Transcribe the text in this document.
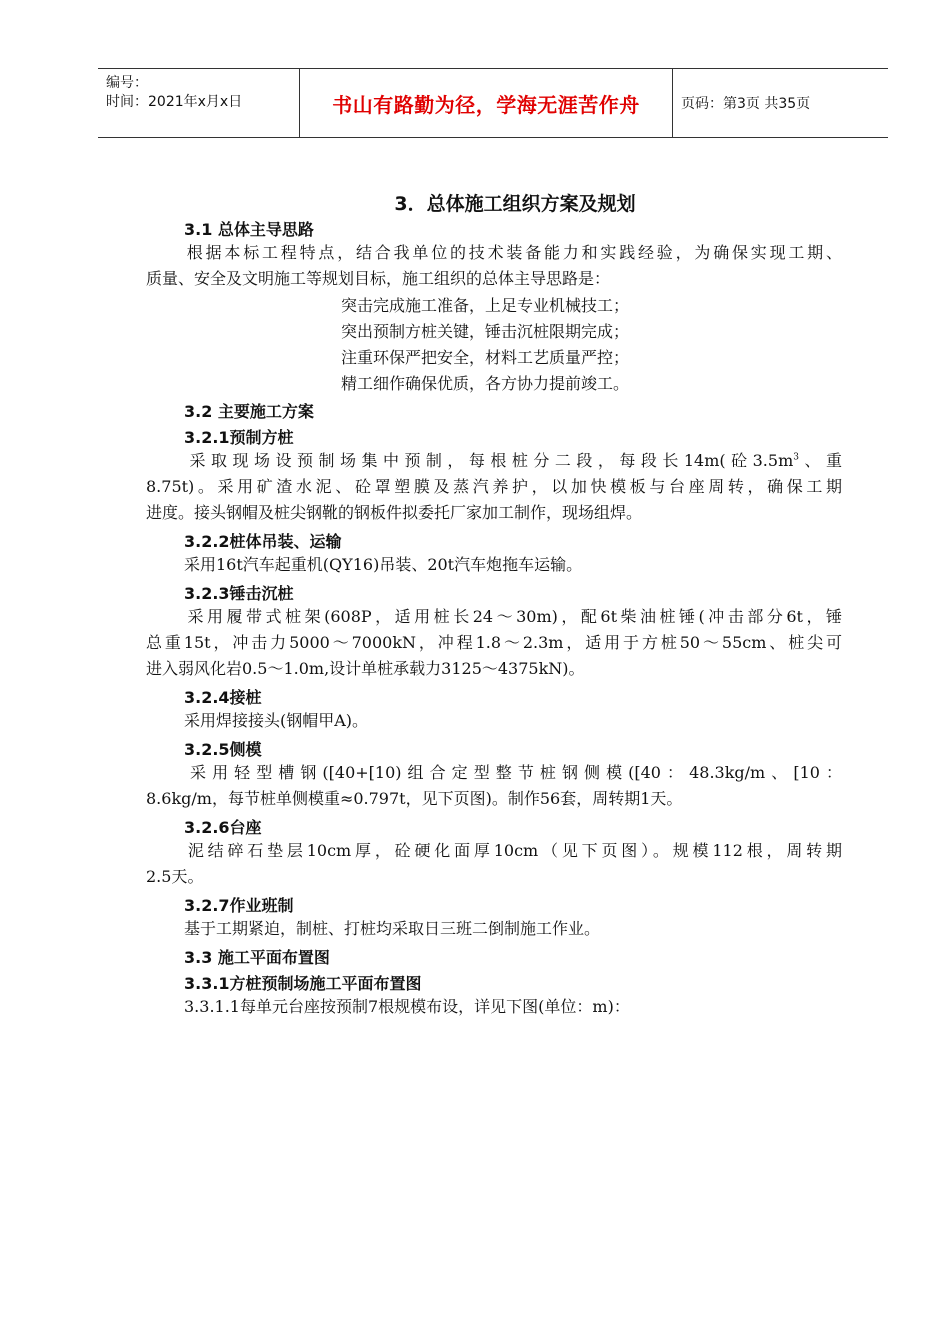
编号：
时间：2021年x月x日	书山有路勤为径，学海无涯苦作舟	页码：第3页 共35页
3．总体施工组织方案及规划
3.1 总体主导思路
根据本标工程特点，结合我单位的技术装备能力和实践经验，为确保实现工期、
质量、安全及文明施工等规划目标，施工组织的总体主导思路是：
突击完成施工准备，上足专业机械技工；
突出预制方桩关键，锤击沉桩限期完成；
注重环保严把安全，材料工艺质量严控；
精工细作确保优质，各方协力提前竣工。
3.2 主要施工方案
3.2.1预制方桩
采取现场设预制场集中预制，每根桩分二段，每段长14m(砼$3.5m^3$、重
8.75t)。采用矿渣水泥、砼罩塑膜及蒸汽养护，以加快模板与台座周转，确保工期
进度。接头钢帽及桩尖钢靴的钢板件拟委托厂家加工制作，现场组焊。
3.2.2桩体吊装、运输
采用16t汽车起重机(QY16)吊装、20t汽车炮拖车运输。
3.2.3锤击沉桩
采用履带式桩架(608P，适用桩长24～30m)，配6t柴油桩锤(冲击部分6t，锤
总重15t，冲击力5000～7000kN，冲程1.8～2.3m，适用于方桩50～55cm、桩尖可
进入弱风化岩0.5～1.0m,设计单桩承载力3125～4375kN)。
3.2.4接桩
采用焊接接头(钢帽甲A)。
3.2.5侧模
采用轻型槽钢([40+[10)组合定型整节桩钢侧模([40：48.3kg/m、[10：
8.6kg/m，每节桩单侧模重≈0.797t，见下页图)。制作56套，周转期1天。
3.2.6台座
泥结碎石垫层10cm厚，砼硬化面厚10cm（见下页图）。规模112根，周转期
2.5天。
3.2.7作业班制
基于工期紧迫，制桩、打桩均采取日三班二倒制施工作业。
3.3 施工平面布置图
3.3.1方桩预制场施工平面布置图
3.3.1.1每单元台座按预制7根规模布设，详见下图(单位：m)：
